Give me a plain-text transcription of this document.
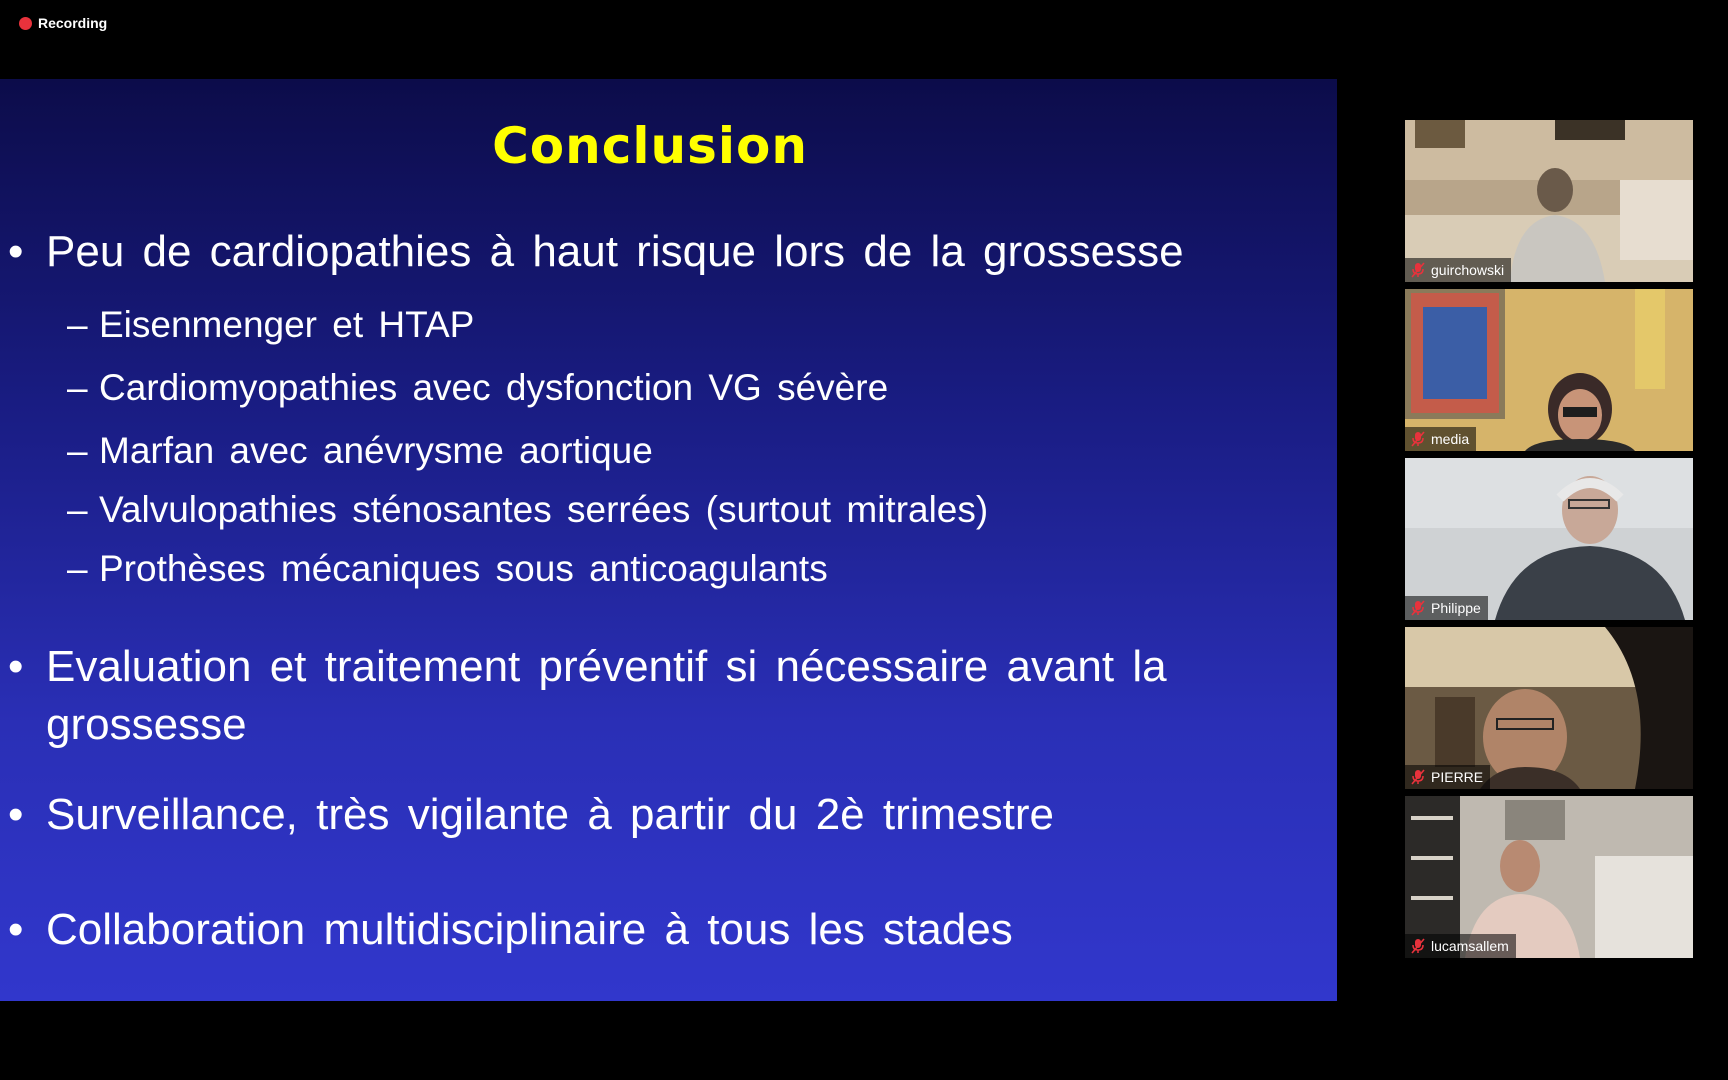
Recording
Conclusion
• Peu de cardiopathies à haut risque lors de la grossesse
– Eisenmenger et HTAP
– Cardiomyopathies avec dysfonction VG sévère
– Marfan avec anévrysme aortique
– Valvulopathies sténosantes serrées (surtout mitrales)
– Prothèses mécaniques sous anticoagulants
• Evaluation et traitement préventif si nécessaire avant la grossesse
• Surveillance, très vigilante à partir du 2è trimestre
• Collaboration multidisciplinaire à tous les stades
guirchowski
media
Philippe
PIERRE
lucamsallem
